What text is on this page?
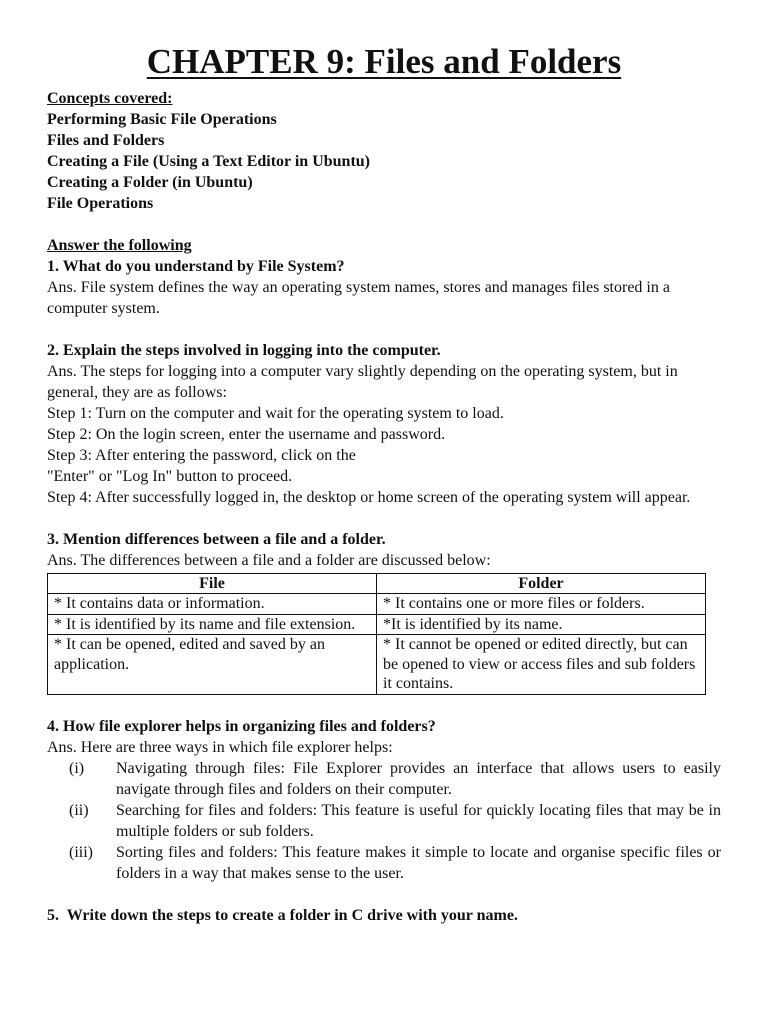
CHAPTER 9: Files and Folders
Concepts covered:
Performing Basic File Operations
Files and Folders
Creating a File (Using a Text Editor in Ubuntu)
Creating a Folder (in Ubuntu)
File Operations
Answer the following
1. What do you understand by File System?
Ans. File system defines the way an operating system names, stores and manages files stored in a computer system.
2. Explain the steps involved in logging into the computer.
Ans. The steps for logging into a computer vary slightly depending on the operating system, but in general, they are as follows:
Step 1: Turn on the computer and wait for the operating system to load.
Step 2: On the login screen, enter the username and password.
Step 3: After entering the password, click on the
"Enter" or "Log In" button to proceed.
Step 4: After successfully logged in, the desktop or home screen of the operating system will appear.
3. Mention differences between a file and a folder.
Ans. The differences between a file and a folder are discussed below:
File	Folder
* It contains data or information.	* It contains one or more files or folders.
* It is identified by its name and file extension.	*It is identified by its name.
* It can be opened, edited and saved by an application.	* It cannot be opened or edited directly, but can be opened to view or access files and sub folders it contains.
4. How file explorer helps in organizing files and folders?
Ans. Here are three ways in which file explorer helps:
(i)	Navigating through files: File Explorer provides an interface that allows users to easily navigate through files and folders on their computer.
(ii)	Searching for files and folders: This feature is useful for quickly locating files that may be in multiple folders or sub folders.
(iii)	Sorting files and folders: This feature makes it simple to locate and organise specific files or folders in a way that makes sense to the user.
5.  Write down the steps to create a folder in C drive with your name.
